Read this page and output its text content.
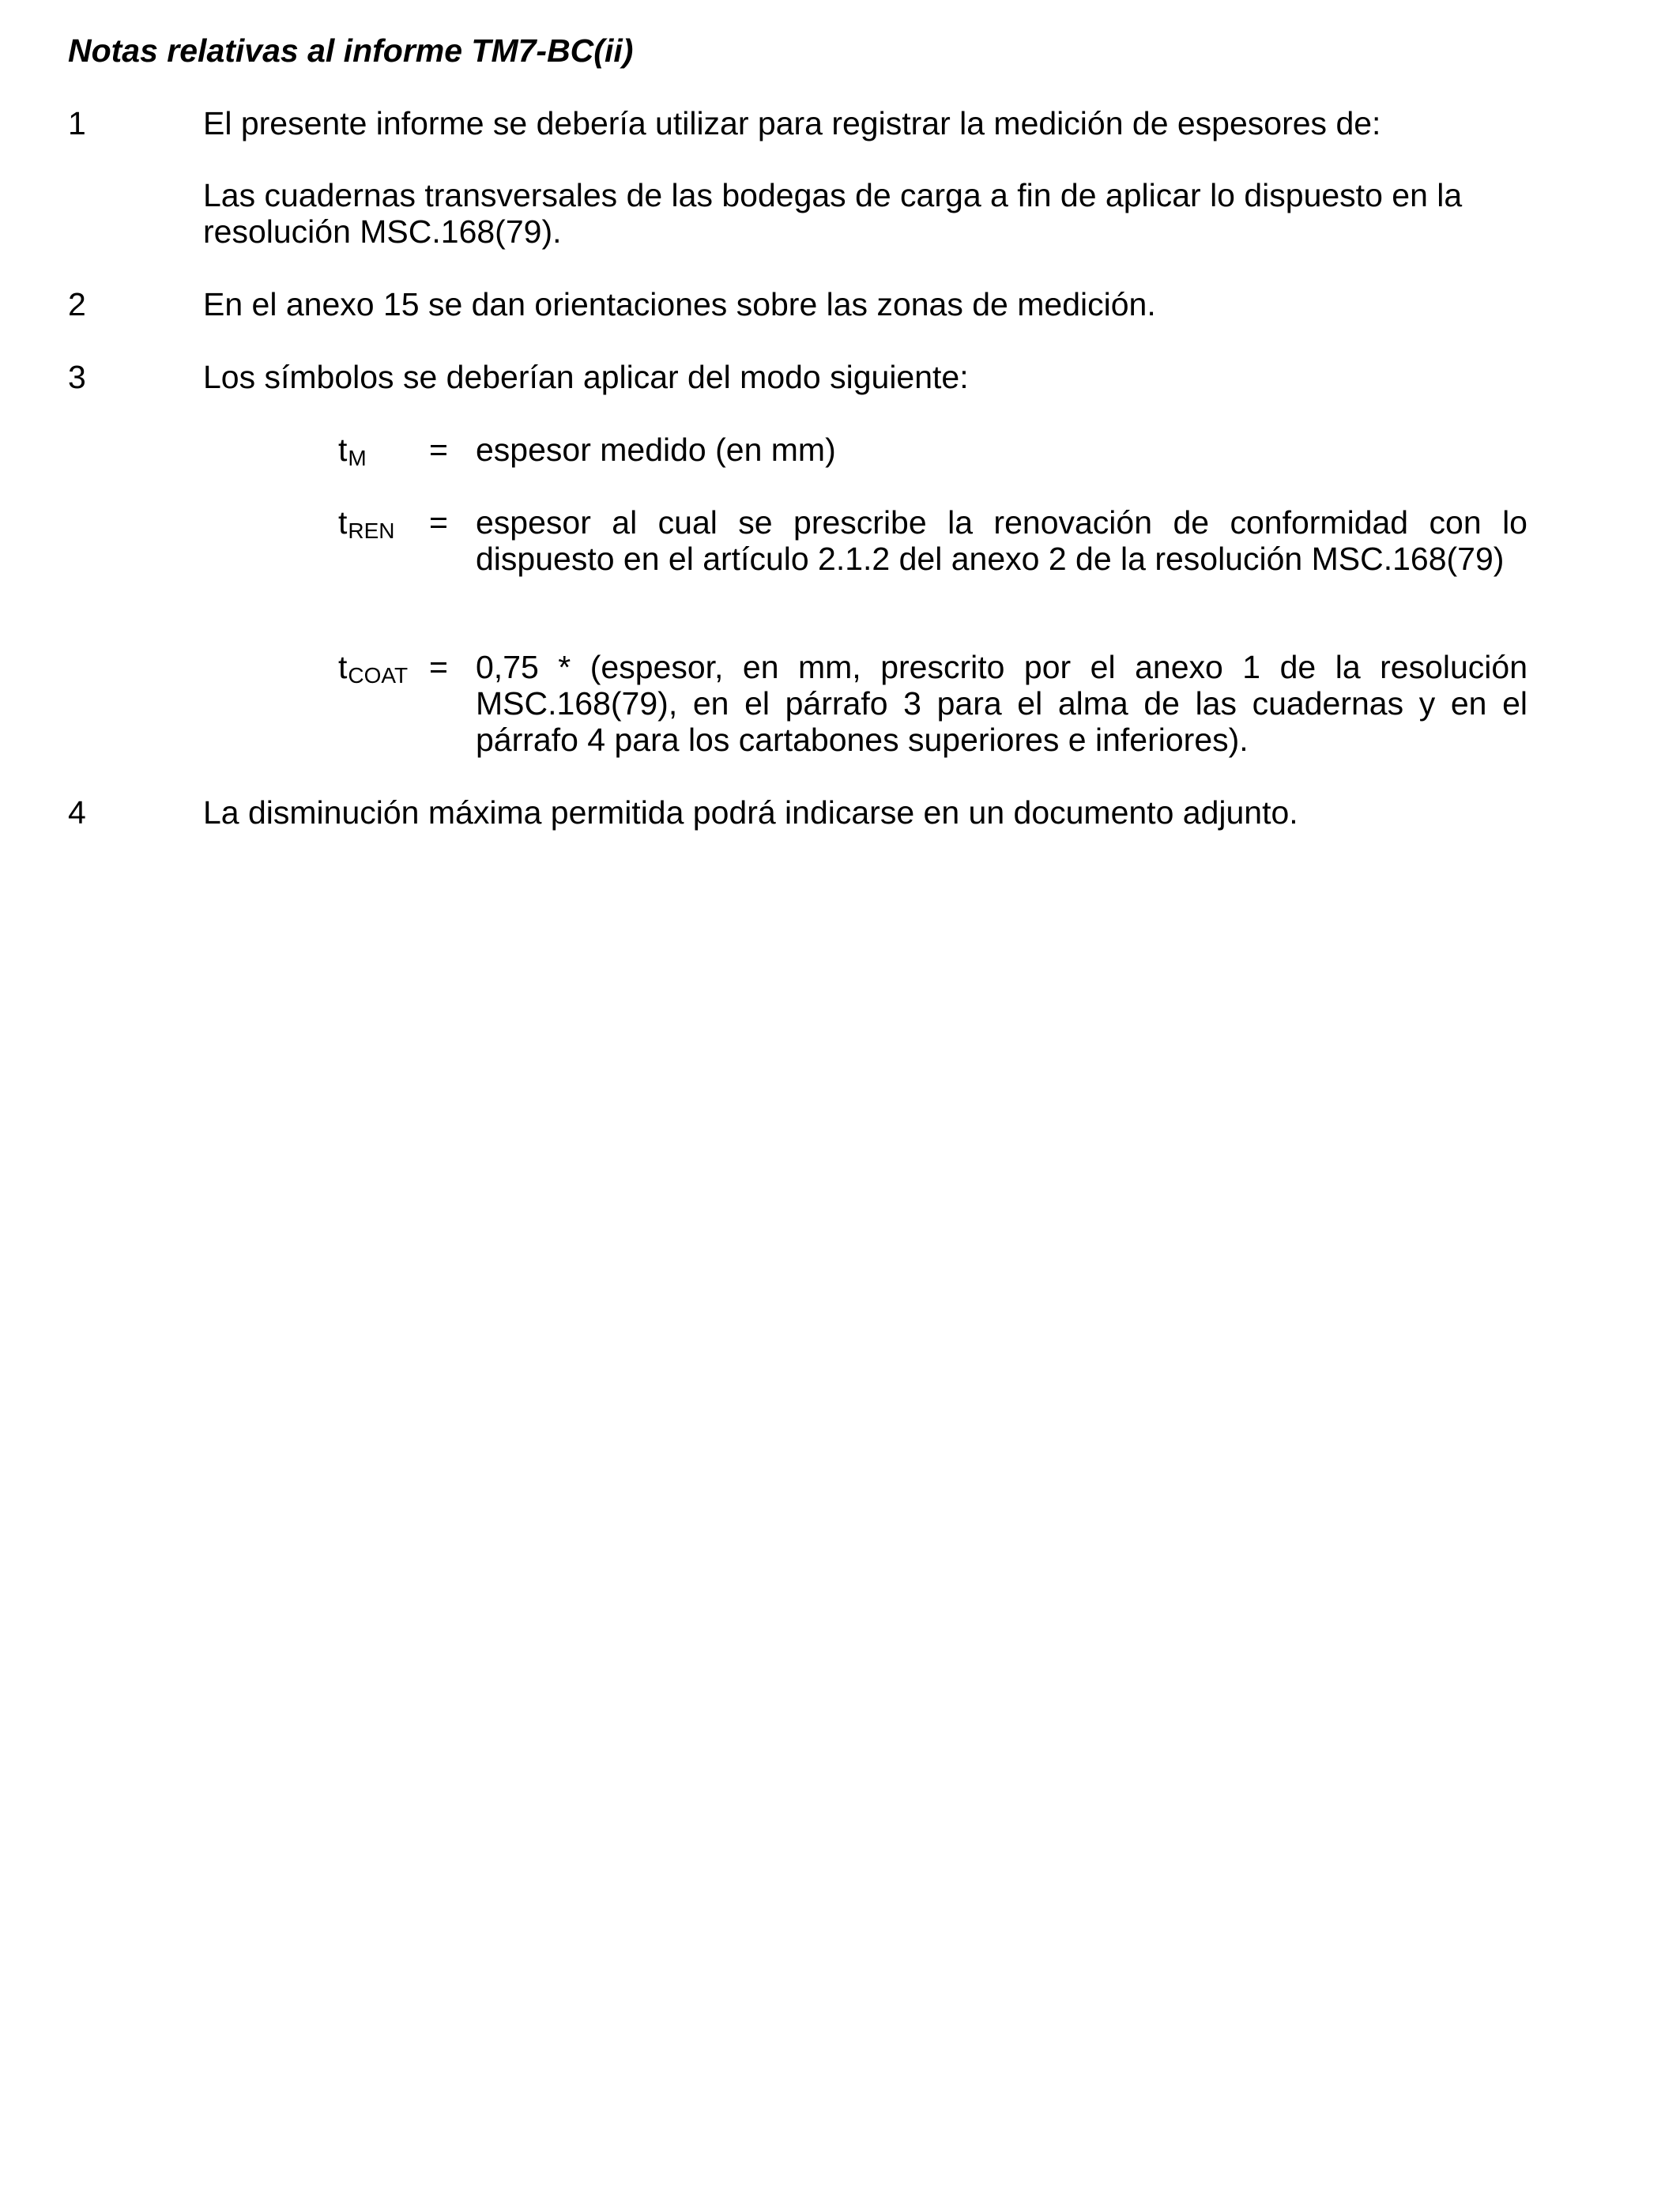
Notas relativas al informe TM7-BC(ii)
1	El presente informe se debería utilizar para registrar la medición de espesores de:

Las cuadernas transversales de las bodegas de carga a fin de aplicar lo dispuesto en la resolución MSC.168(79).

2	En el anexo 15 se dan orientaciones sobre las zonas de medición.

3	Los símbolos se deberían aplicar del modo siguiente:

$t_M$ = espesor medido (en mm)

$t_{REN}$ = espesor al cual se prescribe la renovación de conformidad con lo dispuesto en el artículo 2.1.2 del anexo 2 de la resolución MSC.168(79)

$t_{COAT} = 0,75$ * (espesor, en mm, prescrito por el anexo 1 de la resolución MSC.168(79), en el párrafo 3 para el alma de las cuadernas y en el párrafo 4 para los cartabones superiores e inferiores).

4	La disminución máxima permitida podrá indicarse en un documento adjunto.
